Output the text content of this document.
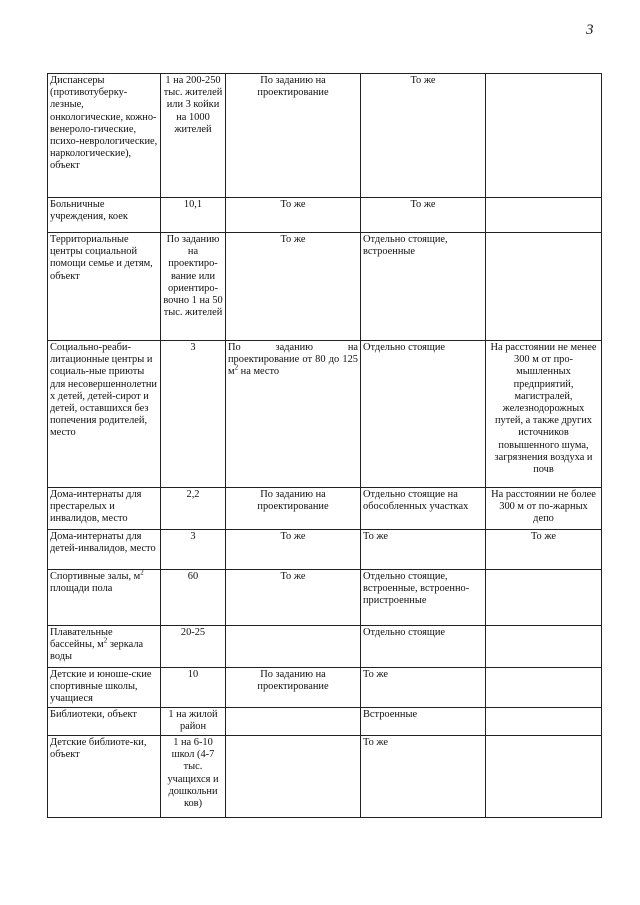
3
Диспансеры (противотуберку-лезные, онкологические, кожно-венероло-гические, психо-неврологические, наркологические), объект	1 на 200-250 тыс. жителей или 3 койки на 1000 жителей	По заданию на проектирование	То же	
Больничные учреждения, коек	10,1	То же	То же	
Территориальные центры социальной помощи семье и детям, объект	По заданию на проектиро-вание или ориентиро-вочно 1 на 50 тыс. жителей	То же	Отдельно стоящие, встроенные	
Социально-реаби-литационные центры и социаль-ные приюты для несовершеннолетни х детей, детей-сирот и детей, оставшихся без попечения родителей, место	3	По заданию на проектирование от 80 до 125 $м^2$ на место	Отдельно стоящие	На расстоянии не менее 300 м от про-мышленных предприятий, магистралей, железнодорожных путей, а также других источников повышенного шума, загрязнения воздуха и почв
Дома-интернаты для престарелых и инвалидов, место	2,2	По заданию на проектирование	Отдельно стоящие на обособленных участках	На расстоянии не более 300 м от по-жарных депо
Дома-интернаты для детей-инвалидов, место	3	То же	То же	То же
Спортивные залы, $м^2$ площади пола	60	То же	Отдельно стоящие, встроенные, встроенно-пристроенные	
Плавательные бассейны, $м^2$ зеркала воды	20-25		Отдельно стоящие	
Детские и юноше-ские спортивные школы, учащиеся	10	По заданию на проектирование	То же	
Библиотеки, объект	1 на жилой район		Встроенные	
Детские библиоте-ки, объект	1 на 6-10 школ (4-7 тыс. учащихся и дошкольни ков)		То же	
